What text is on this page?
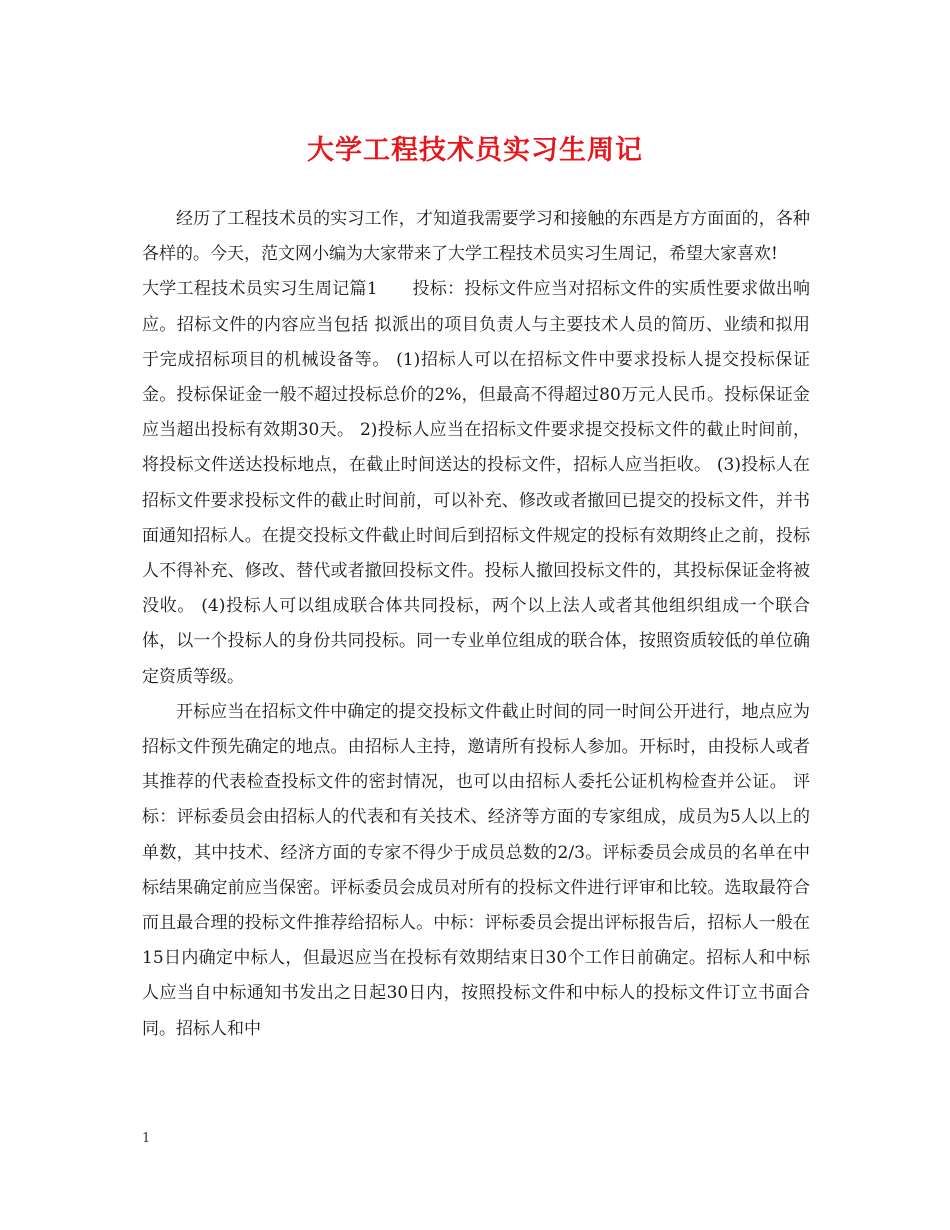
大学工程技术员实习生周记

经历了工程技术员的实习工作，才知道我需要学习和接触的东西是方方面面的，各种各样的。今天，范文网小编为大家带来了大学工程技术员实习生周记，希望大家喜欢!

大学工程技术员实习生周记篇1　　投标：投标文件应当对招标文件的实质性要求做出响应。招标文件的内容应当包括 拟派出的项目负责人与主要技术人员的简历、业绩和拟用于完成招标项目的机械设备等。 (1)招标人可以在招标文件中要求投标人提交投标保证金。投标保证金一般不超过投标总价的2%，但最高不得超过80万元人民币。投标保证金应当超出投标有效期30天。 2)投标人应当在招标文件要求提交投标文件的截止时间前，将投标文件送达投标地点，在截止时间送达的投标文件，招标人应当拒收。 (3)投标人在招标文件要求投标文件的截止时间前，可以补充、修改或者撤回已提交的投标文件，并书面通知招标人。在提交投标文件截止时间后到招标文件规定的投标有效期终止之前，投标人不得补充、修改、替代或者撤回投标文件。投标人撤回投标文件的，其投标保证金将被没收。 (4)投标人可以组成联合体共同投标，两个以上法人或者其他组织组成一个联合体，以一个投标人的身份共同投标。同一专业单位组成的联合体，按照资质较低的单位确定资质等级。

开标应当在招标文件中确定的提交投标文件截止时间的同一时间公开进行，地点应为招标文件预先确定的地点。由招标人主持，邀请所有投标人参加。开标时，由投标人或者其推荐的代表检查投标文件的密封情况，也可以由招标人委托公证机构检查并公证。 评标：评标委员会由招标人的代表和有关技术、经济等方面的专家组成，成员为5人以上的单数，其中技术、经济方面的专家不得少于成员总数的2/3。评标委员会成员的名单在中标结果确定前应当保密。评标委员会成员对所有的投标文件进行评审和比较。选取最符合而且最合理的投标文件推荐给招标人。中标：评标委员会提出评标报告后，招标人一般在15日内确定中标人，但最迟应当在投标有效期结束日30个工作日前确定。招标人和中标人应当自中标通知书发出之日起30日内，按照投标文件和中标人的投标文件订立书面合同。招标人和中

1
